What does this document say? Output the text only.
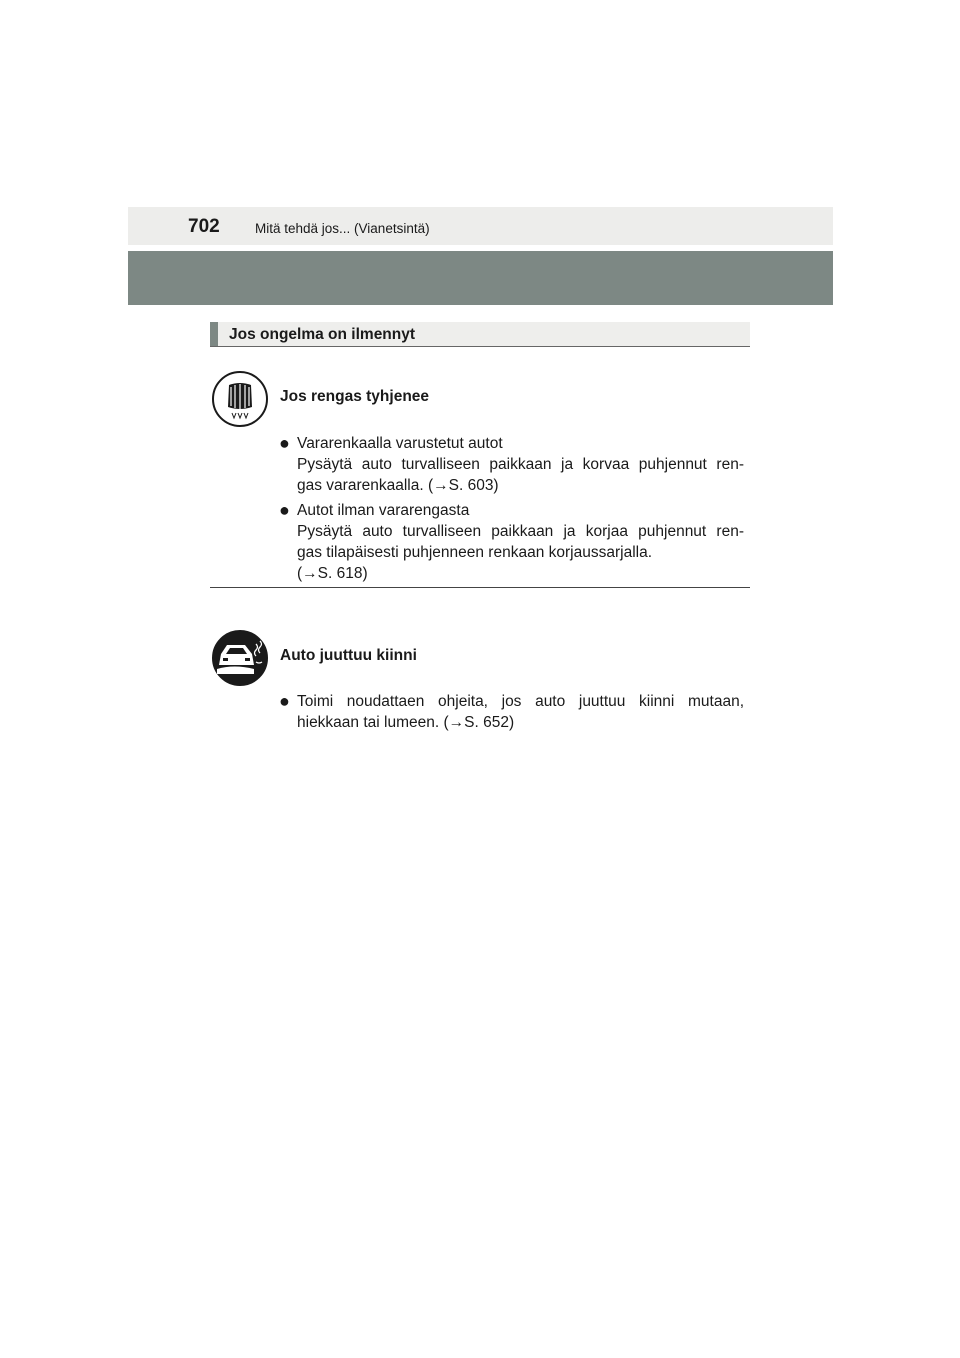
702	Mitä tehdä jos... (Vianetsintä)
Jos ongelma on ilmennyt
Jos rengas tyhjenee
● Vararenkaalla varustetut autot
Pysäytä auto turvalliseen paikkaan ja korvaa puhjennut ren-
gas vararenkaalla. (→S. 603)
● Autot ilman vararengasta
Pysäytä auto turvalliseen paikkaan ja korjaa puhjennut ren-
gas tilapäisesti puhjenneen renkaan korjaussarjalla.
(→S. 618)
Auto juuttuu kiinni
● Toimi noudattaen ohjeita, jos auto juuttuu kiinni mutaan,
hiekkaan tai lumeen. (→S. 652)
